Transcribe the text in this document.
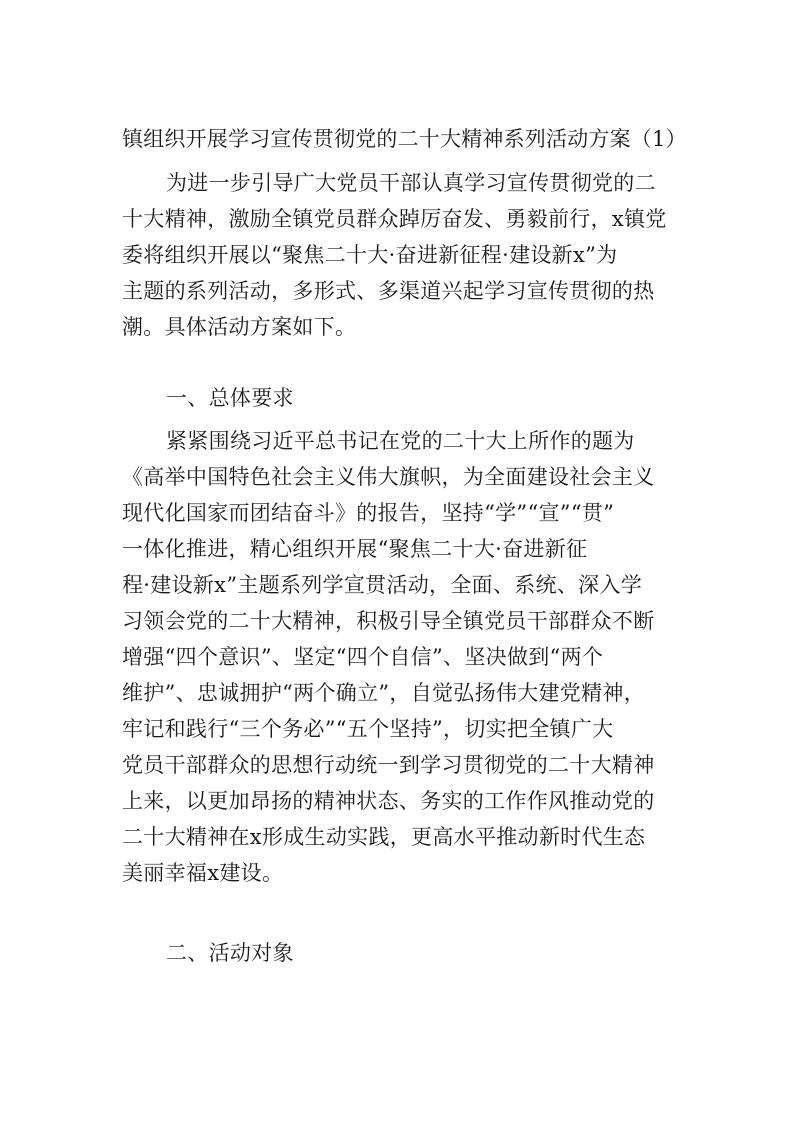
镇组织开展学习宣传贯彻党的二十大精神系列活动方案（1）
为进一步引导广大党员干部认真学习宣传贯彻党的二
十大精神，激励全镇党员群众踔厉奋发、勇毅前行，x镇党
委将组织开展以“聚焦二十大·奋进新征程·建设新x”为
主题的系列活动，多形式、多渠道兴起学习宣传贯彻的热
潮。具体活动方案如下。
一、总体要求
紧紧围绕习近平总书记在党的二十大上所作的题为
《高举中国特色社会主义伟大旗帜，为全面建设社会主义
现代化国家而团结奋斗》的报告，坚持“学”“宣”“贯”
一体化推进，精心组织开展“聚焦二十大·奋进新征
程·建设新x”主题系列学宣贯活动，全面、系统、深入学
习领会党的二十大精神，积极引导全镇党员干部群众不断
增强“四个意识”、坚定“四个自信”、坚决做到“两个
维护”、忠诚拥护“两个确立”，自觉弘扬伟大建党精神，
牢记和践行“三个务必”“五个坚持”，切实把全镇广大
党员干部群众的思想行动统一到学习贯彻党的二十大精神
上来，以更加昂扬的精神状态、务实的工作作风推动党的
二十大精神在x形成生动实践，更高水平推动新时代生态
美丽幸福x建设。
二、活动对象
